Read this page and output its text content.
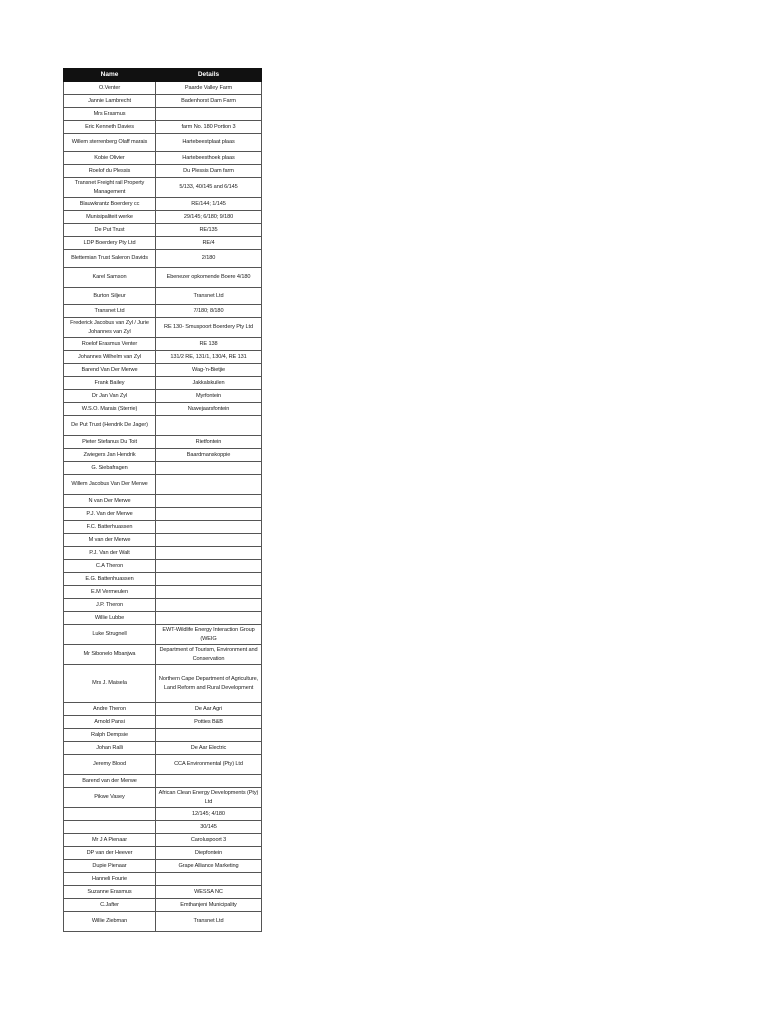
Name	Details
O.Venter	Paarde Valley Farm
Jannie Lambrecht	Badenhorst Dam Farm
Mrs Erasmus	
Eric Kenneth Davies	farm No. 180 Portion 3
Willem sterrenberg Olaff marais	Hartebeestplaat plaas
Kobie Olivier	Hartebeesthoek plaas
Roelof du Plessis	Du Plessis Dam farm
Transnet Freight rail Property Management	5/133, 40/145 and 6/145
Blauwkrantz Boerdery cc	RE/144; 1/145
Munisipaliteit werke	29/145; 6/180; 9/180
De Put Trust	RE/135
LDP Boerdery Pty Ltd	RE/4
Blettemian Trust Saleron Davids	2/180
Karel Samson	Ebenezer opkomende Boere 4/180
Burton Siljeur	Transnet Ltd
Transnet Ltd	7/180; 8/180
Frederick Jacobus van Zyl / Jurie Johannes van Zyl	RE 130- Smuspoort Boerdery Pty Ltd
Roelof Erasmus Venter	RE 138
Johannes Wilhelm van Zyl	131/2 RE, 131/1, 130/4, RE 131
Barend Van Der Merwe	Wag-'n-Bietjie
Frank Bailey	Jakkalskuilen
Dr Jan Van Zyl	Myrfontein
W.S.O. Marais (Sterrie)	Nuwejaarsfontein
De Put Trust (Hendrik De Jager)	
Pieter Stefanus Du Toit	Rietfontein
Zwiegers Jan Hendrik	Baardmanskoppie
G. Siebafragen	
Willem Jacobus Van Der Merwe	
N van Der Merwe	
P.J. Van der Merwe	
F.C. Batterhuassen	
M van der Merwe	
P.J. Van der Walt	
C.A Theron	
E.G. Battenhuassen	
E.M Vermeulen	
J.P. Theron	
Willie Lubbe	
Luke Strugnell	EWT-Wildlife Energy Interaction Group (WEIG
Mr Sibonelo Mbanjwa	Department of Tourism, Environment and Conservation
Mrs J. Maisela	Northern Cape Department of Agriculture, Land Reform and Rural Development
Andre Theron	De Aar Agri
Arnold Pansi	Potties B&B
Ralph Dempsie	
Johan Ralli	De Aar Electric
Jeremy Blood	CCA Environmental (Pty) Ltd
Barend van der Merwe	
Pikwe Vasey	African Clean Energy Developments (Pty) Ltd
	12/145; 4/180
	30/145
Mr J A Pienaar	Caroluspoort 3
DP van der Heever	Diepfontein
Dupie Pienaar	Grape Alliance Marketing
Hanneli Fourie	
Suzanne Erasmus	WESSA NC
C.Jafter	Emthanjeni Municipality
Willie Ziebman	Transnet Ltd
